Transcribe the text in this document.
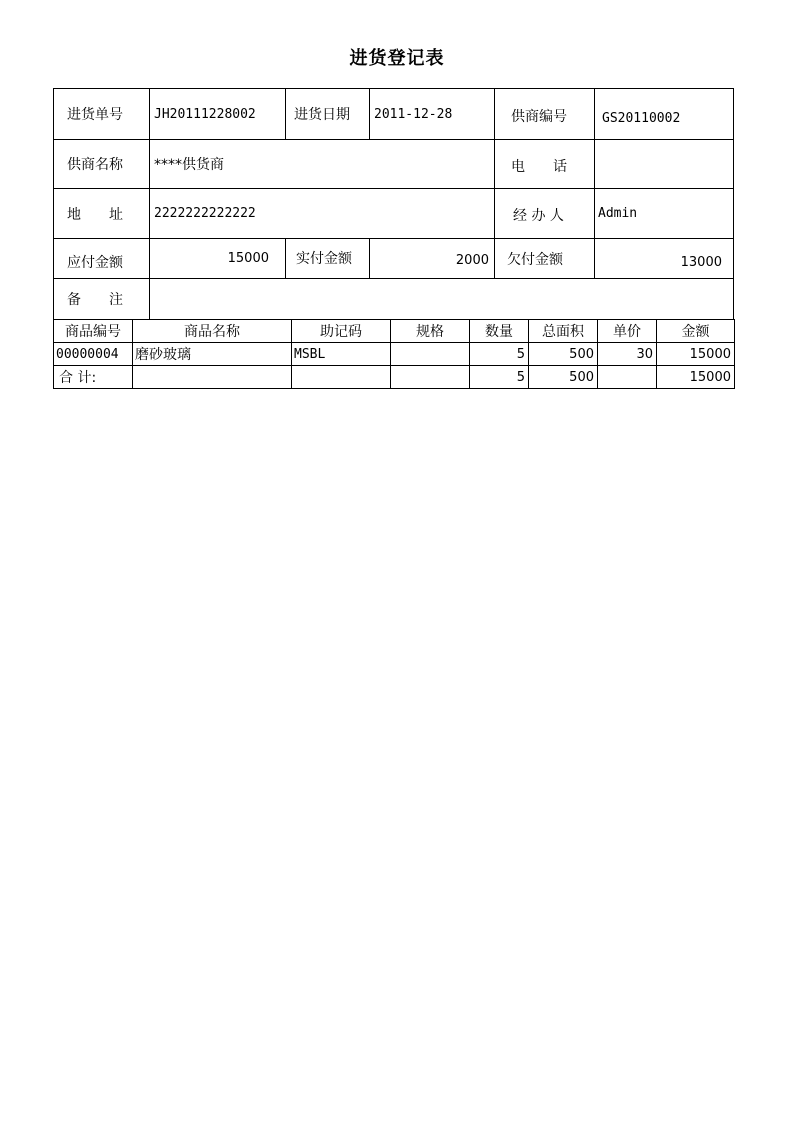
进货登记表
进货单号	JH20111228002	进货日期	2011-12-28	供商编号	GS20110002
供商名称	****供货商	电　　话
地　　址	2222222222222	经 办 人	Admin
应付金额	15000	实付金额	2000	欠付金额	13000
备　　注
商品编号	商品名称	助记码	规格	数量	总面积	单价	金额
00000004	磨砂玻璃	MSBL		5	500	30	15000
合 计:				5	500		15000
